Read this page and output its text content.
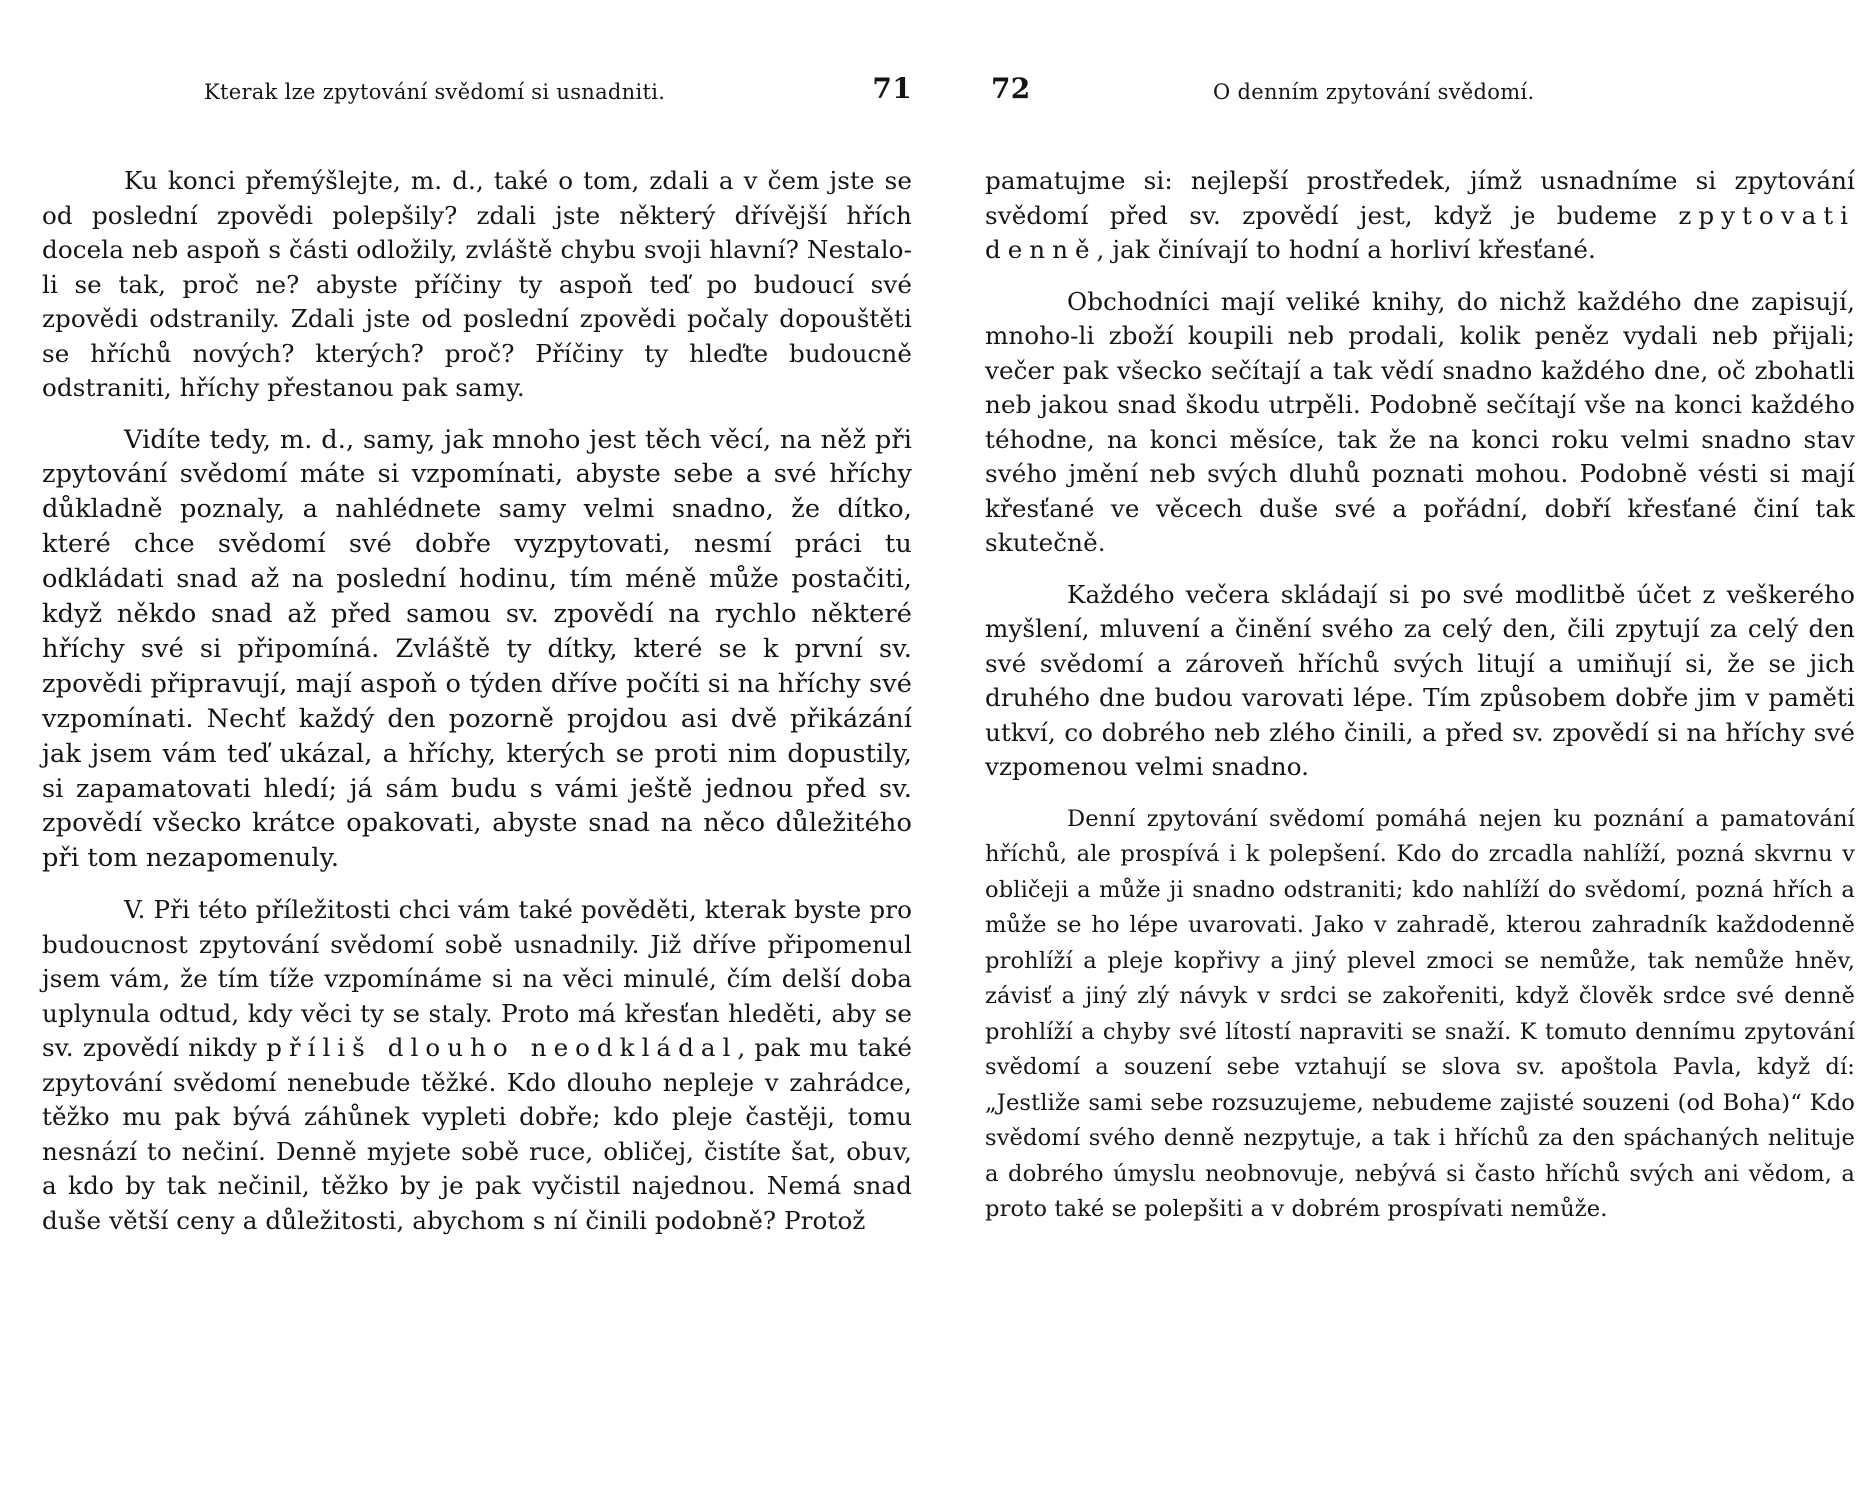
Kterak lze zpytování svědomí si usnadniti.	71

Ku konci přemýšlejte, m. d., také o tom, zdali a v čem jste se od poslední zpovědi polepšily? zdali jste některý dřívější hřích docela neb aspoň s části odložily, zvláště chybu svoji hlavní? Nestalo-li se tak, proč ne? abyste příčiny ty aspoň teď po budoucí své zpovědi odstranily. Zdali jste od poslední zpovědi počaly dopouštěti se hříchů nových? kterých? proč? Příčiny ty hleďte budoucně odstraniti, hříchy přestanou pak samy.

Vidíte tedy, m. d., samy, jak mnoho jest těch věcí, na něž při zpytování svědomí máte si vzpomínati, abyste sebe a své hříchy důkladně poznaly, a nahlédnete samy velmi snadno, že dítko, které chce svědomí své dobře vyzpytovati, nesmí práci tu odkládati snad až na poslední hodinu, tím méně může postačiti, když někdo snad až před samou sv. zpovědí na rychlo některé hříchy své si připomíná. Zvláště ty dítky, které se k první sv. zpovědi připravují, mají aspoň o týden dříve počíti si na hříchy své vzpomínati. Nechť každý den pozorně projdou asi dvě přikázání jak jsem vám teď ukázal, a hříchy, kterých se proti nim dopustily, si zapamatovati hledí; já sám budu s vámi ještě jednou před sv. zpovědí všecko krátce opakovati, abyste snad na něco důležitého při tom nezapomenuly.

V. Při této příležitosti chci vám také pověděti, kterak byste pro budoucnost zpytování svědomí sobě usnadnily. Již dříve připomenul jsem vám, že tím tíže vzpomínáme si na věci minulé, čím delší doba uplynula odtud, kdy věci ty se staly. Proto má křesťan hleděti, aby se sv. zpovědí nikdy příliš dlouho neodkládal, pak mu také zpytování svědomí nenebude těžké. Kdo dlouho neplejе v zahrádce, těžko mu pak bývá záhůnek vypleti dobře; kdo pleje častěji, tomu nesnází to nečiní. Denně myjete sobě ruce, obličej, čistíte šat, obuv, a kdo by tak nečinil, těžko by je pak vyčistil najednou. Nemá snad duše větší ceny a důležitosti, abychom s ní činili podobně? Protož

72	O denním zpytování svědomí.

pamatujme si: nejlepší prostředek, jímž usnadníme si zpytování svědomí před sv. zpovědí jest, když je budeme zpytovati denně, jak činívají to hodní a horliví křesťané.

Obchodníci mají veliké knihy, do nichž každého dne zapisují, mnoho-li zboží koupili neb prodali, kolik peněz vydali neb přijali; večer pak všecko sečítají a tak vědí snadno každého dne, oč zbohatli neb jakou snad škodu utrpěli. Podobně sečítají vše na konci každého téhodne, na konci měsíce, tak že na konci roku velmi snadno stav svého jmění neb svých dluhů poznati mohou. Podobně vésti si mají křesťané ve věcech duše své a pořádní, dobří křesťané činí tak skutečně.

Každého večera skládají si po své modlitbě účet z veškerého myšlení, mluvení a činění svého za celý den, čili zpytují za celý den své svědomí a zároveň hříchů svých litují a umiňují si, že se jich druhého dne budou varovati lépe. Tím způsobem dobře jim v paměti utkví, co dobrého neb zlého činili, a před sv. zpovědí si na hříchy své vzpomenou velmi snadno.

Denní zpytování svědomí pomáhá nejen ku poznání a pamatování hříchů, ale prospívá i k polepšení. Kdo do zrcadla nahlíží, pozná skvrnu v obličeji a může ji snadno odstraniti; kdo nahlíží do svědomí, pozná hřích a může se ho lépe uvarovati. Jako v zahradě, kterou zahradník každodenně prohlíží a pleje kopřivy a jiný plevel zmoci se nemůže, tak nemůže hněv, závisť a jiný zlý návyk v srdci se zakořeniti, když člověk srdce své denně prohlíží a chyby své lítostí napraviti se snaží. K tomuto dennímu zpytování svědomí a souzení sebe vztahují se slova sv. apoštola Pavla, když dí: „Jestliže sami sebe rozsuzujeme, nebudeme zajisté souzeni (od Boha)“ Kdo svědomí svého denně nezpytuje, a tak i hříchů za den spáchaných nelituje a dobrého úmyslu neobnovuje, nebývá si často hříchů svých ani vědom, a proto také se polepšiti a v dobrém prospívati nemůže.
